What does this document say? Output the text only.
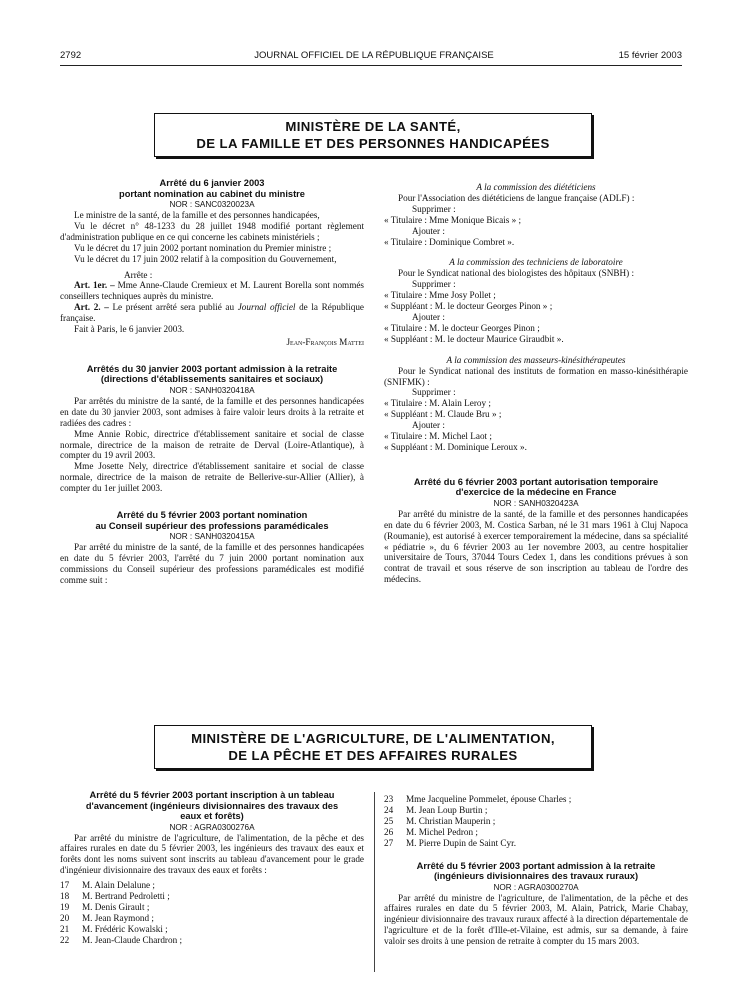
2792	JOURNAL OFFICIEL DE LA RÉPUBLIQUE FRANÇAISE	15 février 2003
MINISTÈRE DE LA SANTÉ,
DE LA FAMILLE ET DES PERSONNES HANDICAPÉES
Arrêté du 6 janvier 2003
portant nomination au cabinet du ministre

NOR : SANC0320023A

Le ministre de la santé, de la famille et des personnes handicapées,

Vu le décret n° 48-1233 du 28 juillet 1948 modifié portant règlement d'administration publique en ce qui concerne les cabinets ministériels ;

Vu le décret du 17 juin 2002 portant nomination du Premier ministre ;

Vu le décret du 17 juin 2002 relatif à la composition du Gouvernement,

Arrête :

Art. 1er. – Mme Anne-Claude Cremieux et M. Laurent Borella sont nommés conseillers techniques auprès du ministre.

Art. 2. – Le présent arrêté sera publié au Journal officiel de la République française.

Fait à Paris, le 6 janvier 2003.

Jean-François Mattei

Arrêtés du 30 janvier 2003 portant admission à la retraite
(directions d'établissements sanitaires et sociaux)

NOR : SANH0320418A

Par arrêtés du ministre de la santé, de la famille et des personnes handicapées en date du 30 janvier 2003, sont admises à faire valoir leurs droits à la retraite et radiées des cadres :

Mme Annie Robic, directrice d'établissement sanitaire et social de classe normale, directrice de la maison de retraite de Derval (Loire-Atlantique), à compter du 19 avril 2003.

Mme Josette Nely, directrice d'établissement sanitaire et social de classe normale, directrice de la maison de retraite de Bellerive-sur-Allier (Allier), à compter du 1er juillet 2003.

Arrêté du 5 février 2003 portant nomination
au Conseil supérieur des professions paramédicales

NOR : SANH0320415A

Par arrêté du ministre de la santé, de la famille et des personnes handicapées en date du 5 février 2003, l'arrêté du 7 juin 2000 portant nomination aux commissions du Conseil supérieur des professions paramédicales est modifié comme suit :

A la commission des diététiciens

Pour l'Association des diététiciens de langue française (ADLF) :

Supprimer :

« Titulaire : Mme Monique Bicais » ;

Ajouter :

« Titulaire : Dominique Combret ».

A la commission des techniciens de laboratoire

Pour le Syndicat national des biologistes des hôpitaux (SNBH) :

Supprimer :

« Titulaire : Mme Josy Pollet ;

« Suppléant : M. le docteur Georges Pinon » ;

Ajouter :

« Titulaire : M. le docteur Georges Pinon ;

« Suppléant : M. le docteur Maurice Giraudbit ».

A la commission des masseurs-kinésithérapeutes

Pour le Syndicat national des instituts de formation en masso-kinésithérapie (SNIFMK) :

Supprimer :

« Titulaire : M. Alain Leroy ;

« Suppléant : M. Claude Bru » ;

Ajouter :

« Titulaire : M. Michel Laot ;

« Suppléant : M. Dominique Leroux ».

Arrêté du 6 février 2003 portant autorisation temporaire
d'exercice de la médecine en France

NOR : SANH0320423A

Par arrêté du ministre de la santé, de la famille et des personnes handicapées en date du 6 février 2003, M. Costica Sarban, né le 31 mars 1961 à Cluj Napoca (Roumanie), est autorisé à exercer temporairement la médecine, dans sa spécialité « pédiatrie », du 6 février 2003 au 1er novembre 2003, au centre hospitalier universitaire de Tours, 37044 Tours Cedex 1, dans les conditions prévues à son contrat de travail et sous réserve de son inscription au tableau de l'ordre des médecins.

MINISTÈRE DE L'AGRICULTURE, DE L'ALIMENTATION,
DE LA PÊCHE ET DES AFFAIRES RURALES
Arrêté du 5 février 2003 portant inscription à un tableau
d'avancement (ingénieurs divisionnaires des travaux des
eaux et forêts)

NOR : AGRA0300276A

Par arrêté du ministre de l'agriculture, de l'alimentation, de la pêche et des affaires rurales en date du 5 février 2003, les ingénieurs des travaux des eaux et forêts dont les noms suivent sont inscrits au tableau d'avancement pour le grade d'ingénieur divisionnaire des travaux des eaux et forêts :

17 M. Alain Delalune ;

18 M. Bertrand Pedroletti ;

19 M. Denis Girault ;

20 M. Jean Raymond ;

21 M. Frédéric Kowalski ;

22 M. Jean-Claude Chardron ;

23 Mme Jacqueline Pommelet, épouse Charles ;

24 M. Jean Loup Burtin ;

25 M. Christian Mauperin ;

26 M. Michel Pedron ;

27 M. Pierre Dupin de Saint Cyr.

Arrêté du 5 février 2003 portant admission à la retraite
(ingénieurs divisionnaires des travaux ruraux)

NOR : AGRA0300270A

Par arrêté du ministre de l'agriculture, de l'alimentation, de la pêche et des affaires rurales en date du 5 février 2003, M. Alain, Patrick, Marie Chabay, ingénieur divisionnaire des travaux ruraux affecté à la direction départementale de l'agriculture et de la forêt d'Ille-et-Vilaine, est admis, sur sa demande, à faire valoir ses droits à une pension de retraite à compter du 15 mars 2003.
